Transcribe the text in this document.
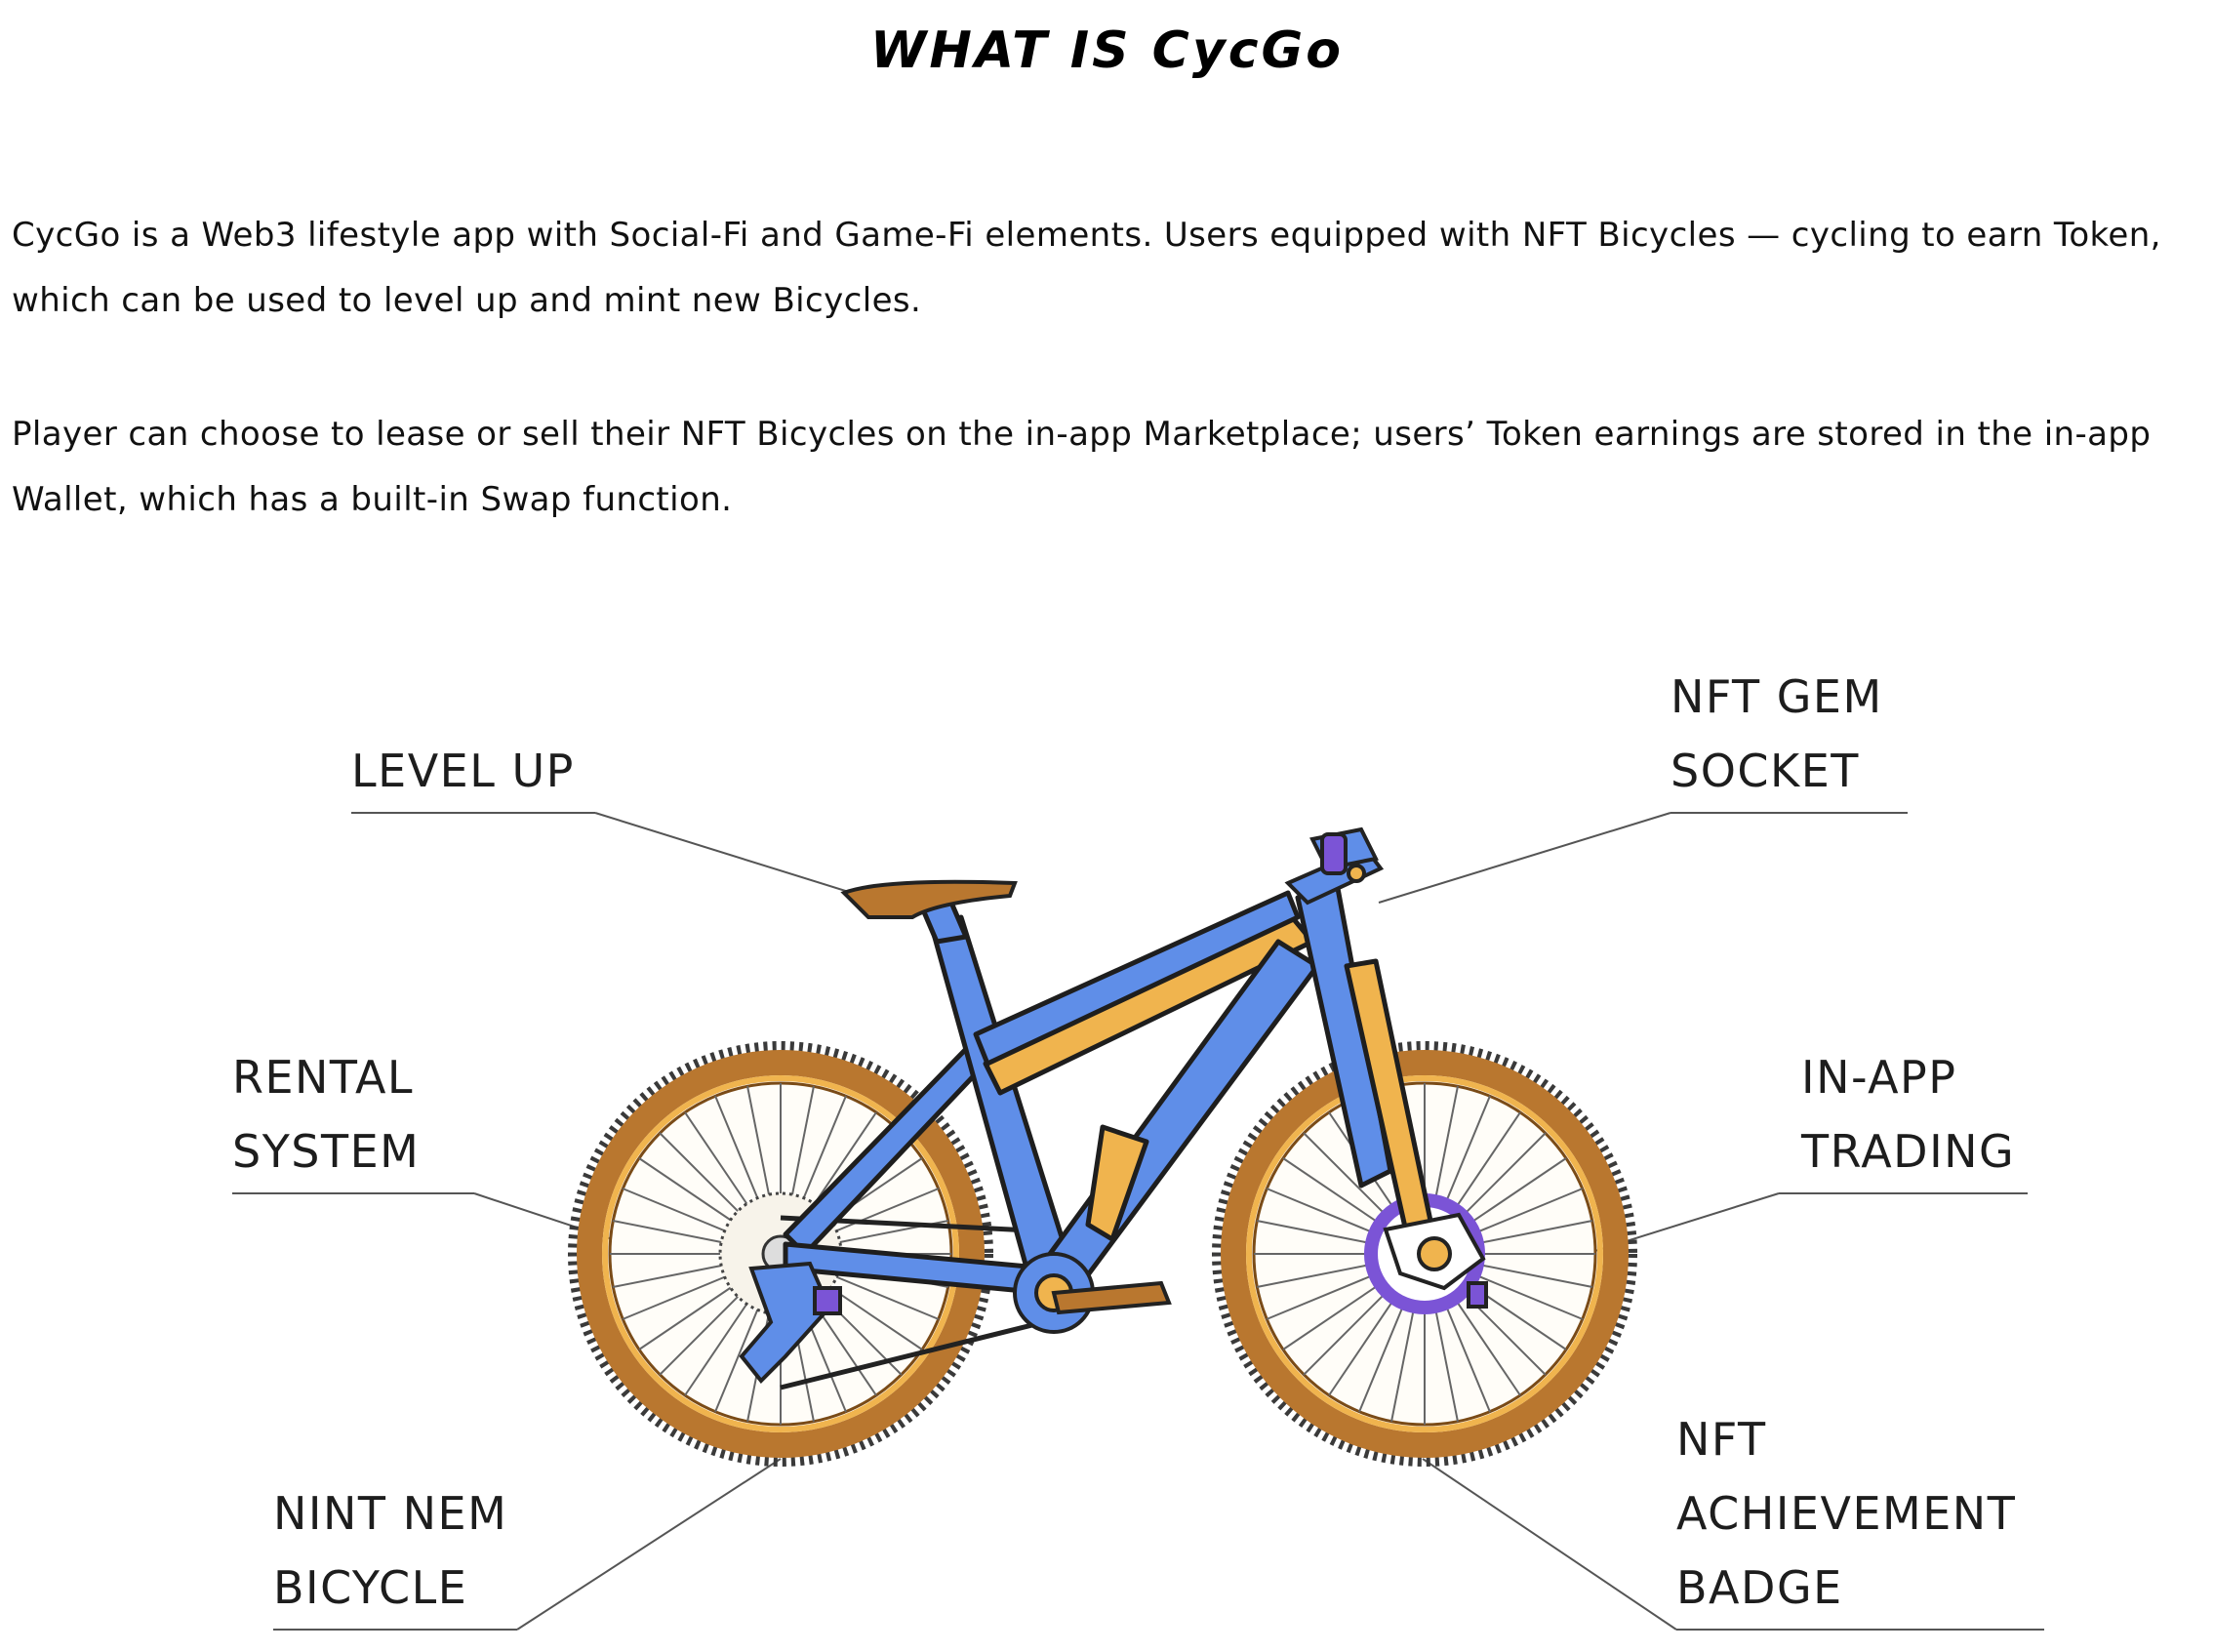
WHAT IS CycGo
CycGo is a Web3 lifestyle app with Social-Fi and Game-Fi elements. Users equipped with NFT Bicycles — cycling to earn Token, which can be used to level up and mint new Bicycles.
Player can choose to lease or sell their NFT Bicycles on the in-app Marketplace; users’ Token earnings are stored in the in-app Wallet, which has a built-in Swap function.
LEVEL UP
NFT GEM
SOCKET
RENTAL
SYSTEM
IN-APP
TRADING
NINT NEM
BICYCLE
NFT
ACHIEVEMENT
BADGE
